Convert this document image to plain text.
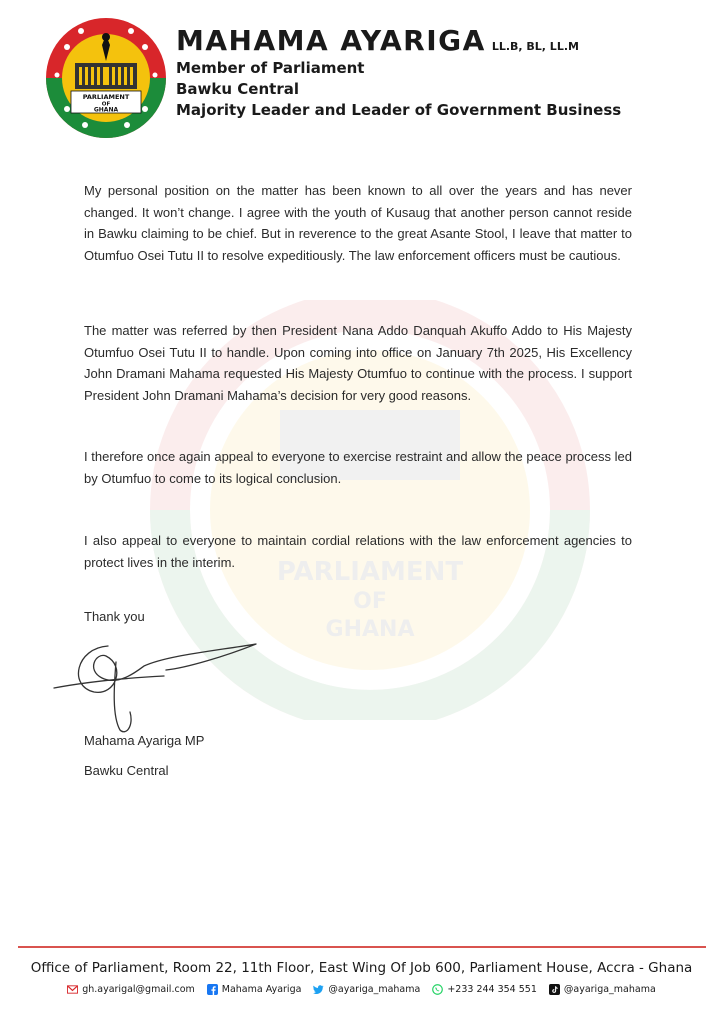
PARLIAMENT
OF
GHANA
PARLIAMENT
OF
GHANA
MAHAMA AYARIGA LL.B, BL, LL.M
Member of Parliament
Bawku Central
Majority Leader and Leader of Government Business

My personal position on the matter has been known to all over the years and has never changed. It won’t change. I agree with the youth of Kusaug that another person cannot reside in Bawku claiming to be chief. But in reverence to the great Asante Stool, I leave that matter to Otumfuo Osei Tutu II to resolve expeditiously. The law enforcement officers must be cautious.

The matter was referred by then President Nana Addo Danquah Akuffo Addo to His Majesty Otumfuo Osei Tutu II to handle. Upon coming into office on January 7th 2025, His Excellency John Dramani Mahama requested His Majesty Otumfuo to continue with the process. I support President John Dramani Mahama’s decision for very good reasons.

I therefore once again appeal to everyone to exercise restraint and allow the peace process led by Otumfuo to come to its logical conclusion.

I also appeal to everyone to maintain cordial relations with the law enforcement agencies to protect lives in the interim.

Thank you
Mahama Ayariga MP
Bawku Central
Office of Parliament, Room 22, 11th Floor, East Wing Of Job 600, Parliament House, Accra - Ghana
gh.ayarigal@gmail.com	Mahama Ayariga	@ayariga_mahama	+233 244 354 551	@ayariga_mahama
